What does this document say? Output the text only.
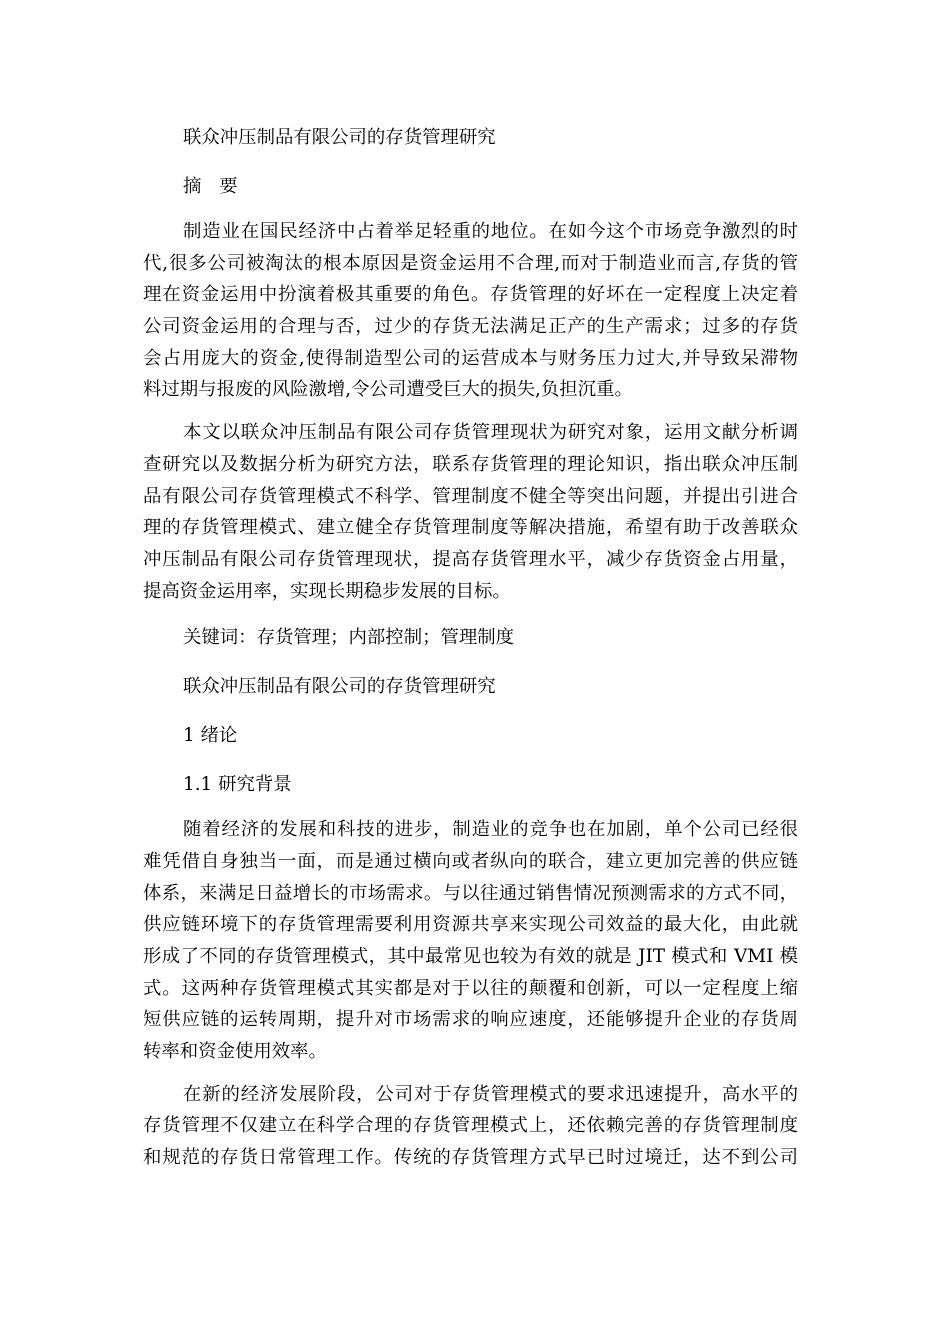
联众冲压制品有限公司的存货管理研究
摘 要
制造业在国民经济中占着举足轻重的地位。在如今这个市场竞争激烈的时
代,很多公司被淘汰的根本原因是资金运用不合理,而对于制造业而言,存货的管
理在资金运用中扮演着极其重要的角色。存货管理的好坏在一定程度上决定着
公司资金运用的合理与否，过少的存货无法满足正产的生产需求；过多的存货
会占用庞大的资金,使得制造型公司的运营成本与财务压力过大,并导致呆滞物
料过期与报废的风险激增,令公司遭受巨大的损失,负担沉重。
本文以联众冲压制品有限公司存货管理现状为研究对象，运用文献分析调
查研究以及数据分析为研究方法，联系存货管理的理论知识，指出联众冲压制
品有限公司存货管理模式不科学、管理制度不健全等突出问题，并提出引进合
理的存货管理模式、建立健全存货管理制度等解决措施，希望有助于改善联众
冲压制品有限公司存货管理现状，提高存货管理水平，减少存货资金占用量，
提高资金运用率，实现长期稳步发展的目标。
关键词：存货管理；内部控制；管理制度
联众冲压制品有限公司的存货管理研究
1 绪论
1.1 研究背景
随着经济的发展和科技的进步，制造业的竞争也在加剧，单个公司已经很
难凭借自身独当一面，而是通过横向或者纵向的联合，建立更加完善的供应链
体系，来满足日益增长的市场需求。与以往通过销售情况预测需求的方式不同，
供应链环境下的存货管理需要利用资源共享来实现公司效益的最大化，由此就
形成了不同的存货管理模式，其中最常见也较为有效的就是 JIT 模式和 VMI 模
式。这两种存货管理模式其实都是对于以往的颠覆和创新，可以一定程度上缩
短供应链的运转周期，提升对市场需求的响应速度，还能够提升企业的存货周
转率和资金使用效率。
在新的经济发展阶段，公司对于存货管理模式的要求迅速提升，高水平的
存货管理不仅建立在科学合理的存货管理模式上，还依赖完善的存货管理制度
和规范的存货日常管理工作。传统的存货管理方式早已时过境迁，达不到公司
